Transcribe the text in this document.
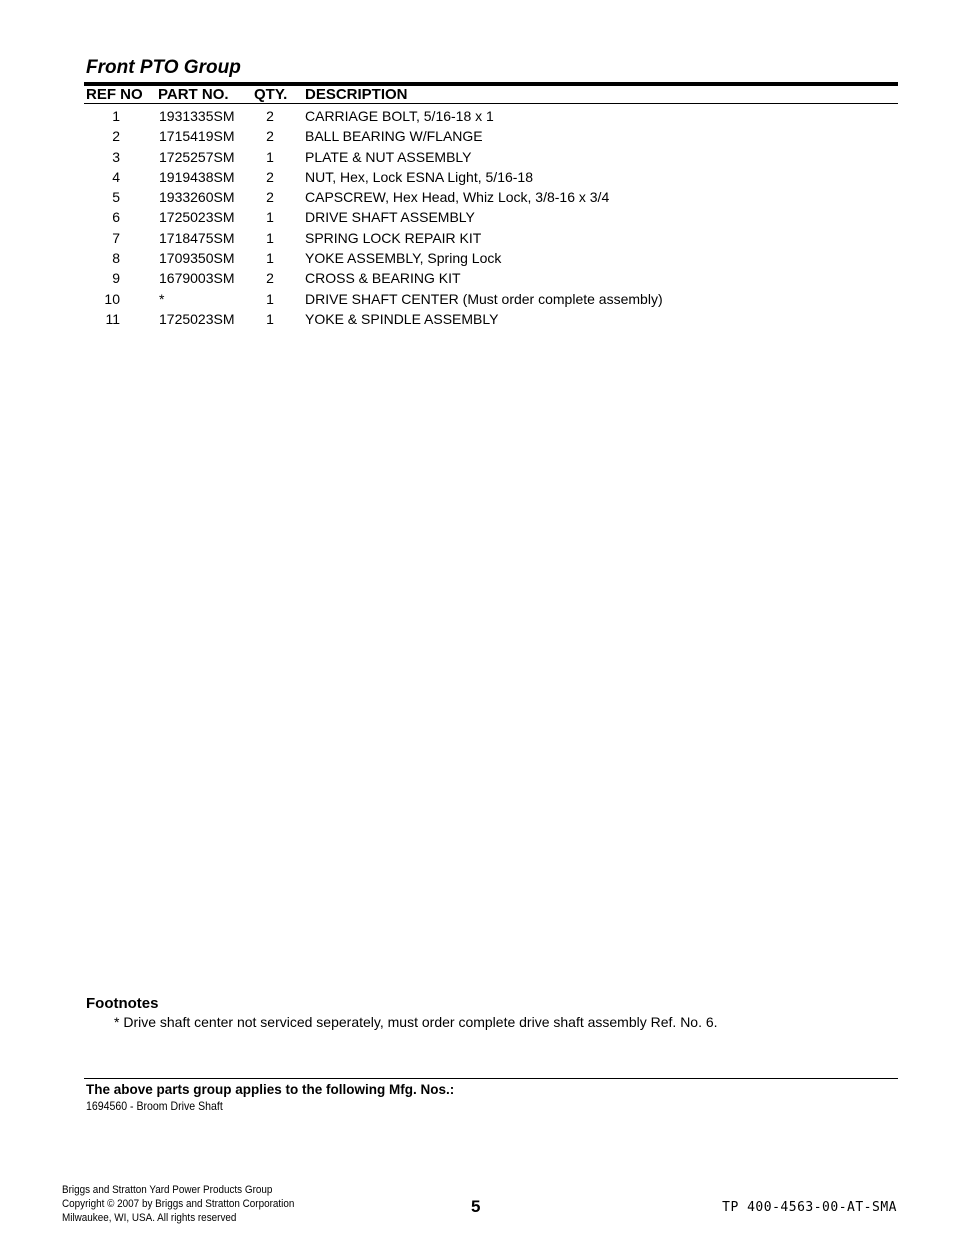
Front PTO Group
REF NO PART NO. QTY. DESCRIPTION
1	1931335SM 2 CARRIAGE BOLT, 5/16-18 x 1
2	1715419SM 2 BALL BEARING W/FLANGE
3	1725257SM 1 PLATE & NUT ASSEMBLY
4	1919438SM 2 NUT, Hex, Lock ESNA Light, 5/16-18
5	1933260SM 2 CAPSCREW, Hex Head, Whiz Lock, 3/8-16 x 3/4
6	1725023SM 1 DRIVE SHAFT ASSEMBLY
7	1718475SM 1 SPRING LOCK REPAIR KIT
8	1709350SM 1 YOKE ASSEMBLY, Spring Lock
9	1679003SM 2 CROSS & BEARING KIT
10	*	1 DRIVE SHAFT CENTER (Must order complete assembly)
11	1725023SM 1 YOKE & SPINDLE ASSEMBLY
Footnotes
* Drive shaft center not serviced seperately, must order complete drive shaft assembly Ref. No. 6.
The above parts group applies to the following Mfg. Nos.:
1694560 - Broom Drive Shaft
Briggs and Stratton Yard Power Products Group
Copyright © 2007 by Briggs and Stratton Corporation
Milwaukee, WI, USA. All rights reserved
5	TP 400-4563-00-AT-SMA
